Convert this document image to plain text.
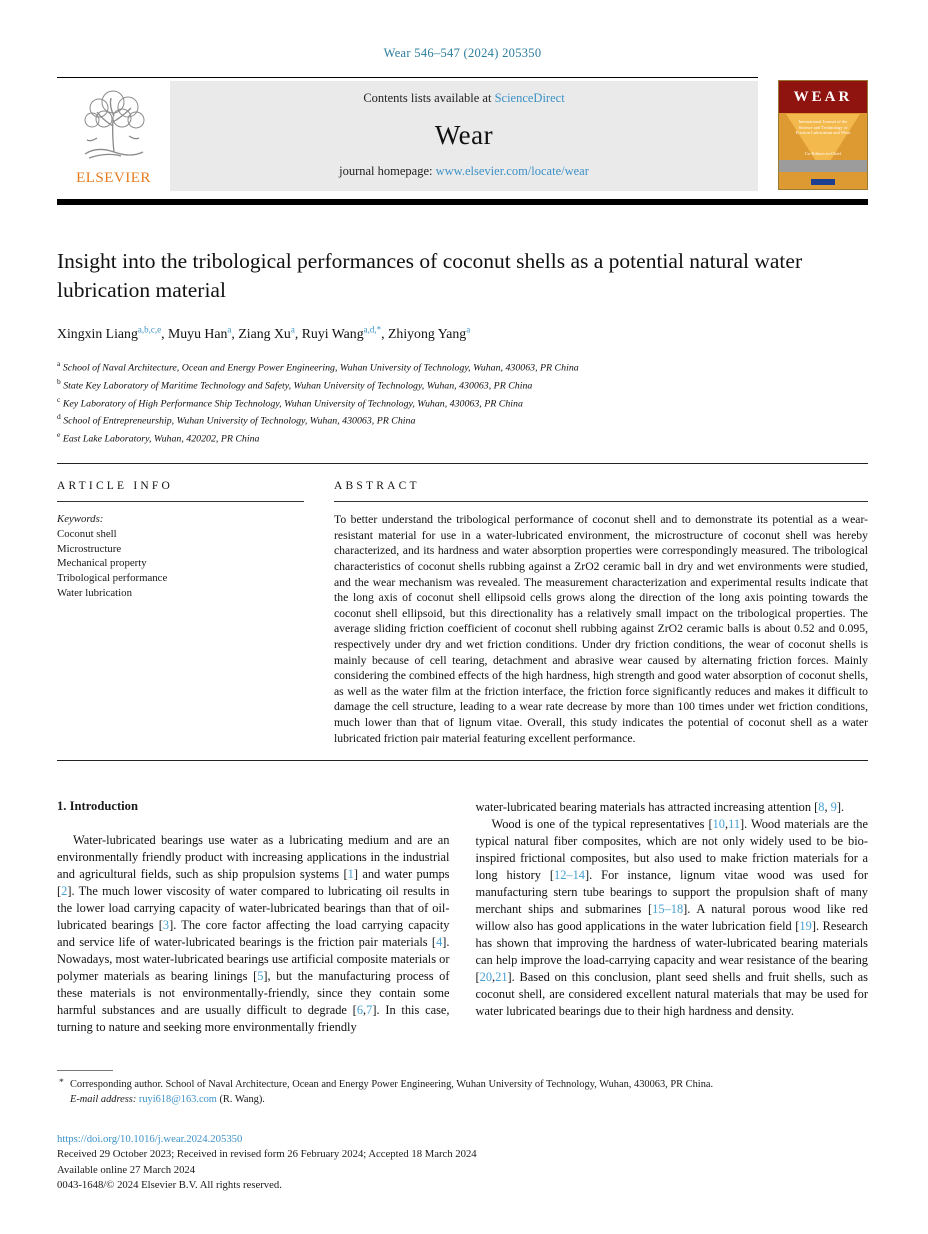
Wear 546–547 (2024) 205350
ELSEVIER
Contents lists available at ScienceDirect
Wear
journal homepage: www.elsevier.com/locate/wear
WEAR
International Journal of the Science and Technology of Friction Lubrication and Wear
Co-Editors-in-Chief
Insight into the tribological performances of coconut shells as a potential natural water lubrication material
Xingxin Liang$^{a,b,c,e}$, Muyu Han$^a$, Ziang Xu$^a$, Ruyi Wang$^{a,d,*}$, Zhiyong Yang$^a$
$^a$ School of Naval Architecture, Ocean and Energy Power Engineering, Wuhan University of Technology, Wuhan, 430063, PR China
$^b$ State Key Laboratory of Maritime Technology and Safety, Wuhan University of Technology, Wuhan, 430063, PR China
$^c$ Key Laboratory of High Performance Ship Technology, Wuhan University of Technology, Wuhan, 430063, PR China
$^d$ School of Entrepreneurship, Wuhan University of Technology, Wuhan, 430063, PR China
$^e$ East Lake Laboratory, Wuhan, 420202, PR China
ARTICLE INFO
Keywords:
Coconut shell
Microstructure
Mechanical property
Tribological performance
Water lubrication
ABSTRACT

To better understand the tribological performance of coconut shell and to demonstrate its potential as a wear-resistant material for use in a water-lubricated environment, the microstructure of coconut shell was hereby characterized, and its hardness and water absorption properties were correspondingly measured. The tribological characteristics of coconut shells rubbing against a ZrO2 ceramic ball in dry and wet environments were studied, and the wear mechanism was revealed. The measurement characterization and experimental results indicate that the long axis of coconut shell ellipsoid cells grows along the direction of the long axis pointing towards the coconut shell ellipsoid, but this directionality has a relatively small impact on the tribological properties. The average sliding friction coefficient of coconut shell rubbing against ZrO2 ceramic balls is about 0.52 and 0.095, respectively under dry and wet friction conditions. Under dry friction conditions, the wear of coconut shells is mainly because of cell tearing, detachment and abrasive wear caused by alternating friction forces. Mainly considering the combined effects of the high hardness, high strength and good water absorption of coconut shells, as well as the water film at the friction interface, the friction force significantly reduces and makes it difficult to damage the cell structure, leading to a wear rate decrease by more than 100 times under wet friction conditions, much lower than that of lignum vitae. Overall, this study indicates the potential of coconut shell as a water lubricated friction pair material featuring excellent performance.

1. Introduction

Water-lubricated bearings use water as a lubricating medium and are an environmentally friendly product with increasing applications in the industrial and agricultural fields, such as ship propulsion systems [1] and water pumps [2]. The much lower viscosity of water compared to lubricating oil results in the lower load carrying capacity of water-lubricated bearings than that of oil-lubricated bearings [3]. The core factor affecting the load carrying capacity and service life of water-lubricated bearings is the friction pair materials [4]. Nowadays, most water-lubricated bearings use artificial composite materials or polymer materials as bearing linings [5], but the manufacturing process of these materials is not environmentally-friendly, since they contain some harmful substances and are usually difficult to degrade [6,7]. In this case, turning to nature and seeking more environmentally friendly

water-lubricated bearing materials has attracted increasing attention [8, 9].

Wood is one of the typical representatives [10,11]. Wood materials are the typical natural fiber composites, which are not only widely used to be bio-inspired frictional composites, but also used to make friction materials for a long history [12–14]. For instance, lignum vitae wood was used for manufacturing stern tube bearings to support the propulsion shaft of many merchant ships and submarines [15–18]. A natural porous wood like red willow also has good applications in the water lubrication field [19]. Research has shown that improving the hardness of water-lubricated bearing materials can help improve the load-carrying capacity and wear resistance of the bearing [20,21]. Based on this conclusion, plant seed shells and fruit shells, such as coconut shell, are considered excellent natural materials that may be used for water lubricated bearings due to their high hardness and density.

* Corresponding author. School of Naval Architecture, Ocean and Energy Power Engineering, Wuhan University of Technology, Wuhan, 430063, PR China.
E-mail address: ruyi618@163.com (R. Wang).
https://doi.org/10.1016/j.wear.2024.205350
Received 29 October 2023; Received in revised form 26 February 2024; Accepted 18 March 2024
Available online 27 March 2024
0043-1648/© 2024 Elsevier B.V. All rights reserved.
